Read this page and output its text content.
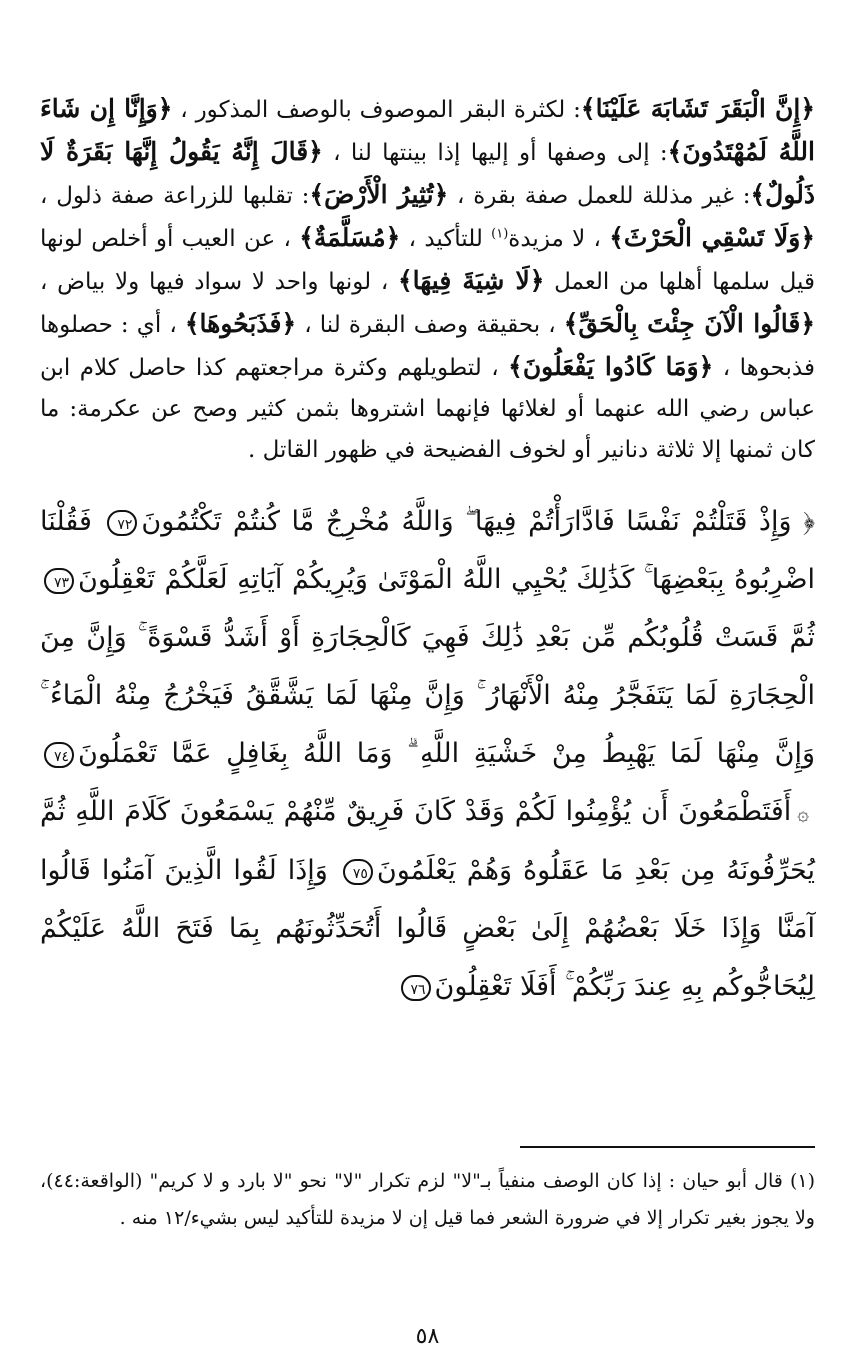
﴿إِنَّ الْبَقَرَ تَشَابَهَ عَلَيْنَا﴾: لكثرة البقر الموصوف بالوصف المذكور ، ﴿وَإِنَّا إِن شَاءَ اللَّهُ لَمُهْتَدُونَ﴾: إلى وصفها أو إليها إذا بينتها لنا ، ﴿قَالَ إِنَّهُ يَقُولُ إِنَّهَا بَقَرَةٌ لَا ذَلُولٌ﴾: غير مذللة للعمل صفة بقرة ، ﴿تُثِيرُ الْأَرْضَ﴾: تقلبها للزراعة صفة ذلول ، ﴿وَلَا تَسْقِي الْحَرْثَ﴾ ، لا مزيدة$^{(١)}$ للتأكيد ، ﴿مُسَلَّمَةٌ﴾ ، عن العيب أو أخلص لونها قيل سلمها أهلها من العمل ﴿لَا شِيَةَ فِيهَا﴾ ، لونها واحد لا سواد فيها ولا بياض ، ﴿قَالُوا الْآنَ جِئْتَ بِالْحَقِّ﴾ ، بحقيقة وصف البقرة لنا ، ﴿فَذَبَحُوهَا﴾ ، أي : حصلوها فذبحوها ، ﴿وَمَا كَادُوا يَفْعَلُونَ﴾ ، لتطويلهم وكثرة مراجعتهم كذا حاصل كلام ابن عباس رضي الله عنهما أو لغلائها فإنهما اشتروها بثمن كثير وصح عن عكرمة: ما كان ثمنها إلا ثلاثة دنانير أو لخوف الفضيحة في ظهور القاتل .

﴿ وَإِذْ قَتَلْتُمْ نَفْسًا فَادَّارَأْتُمْ فِيهَا ۖ وَاللَّهُ مُخْرِجٌ مَّا كُنتُمْ تَكْتُمُونَ٧٢ فَقُلْنَا اضْرِبُوهُ بِبَعْضِهَا ۚ كَذَٰلِكَ يُحْيِي اللَّهُ الْمَوْتَىٰ وَيُرِيكُمْ آيَاتِهِ لَعَلَّكُمْ تَعْقِلُونَ٧٣ ثُمَّ قَسَتْ قُلُوبُكُم مِّن بَعْدِ ذَٰلِكَ فَهِيَ كَالْحِجَارَةِ أَوْ أَشَدُّ قَسْوَةً ۚ وَإِنَّ مِنَ الْحِجَارَةِ لَمَا يَتَفَجَّرُ مِنْهُ الْأَنْهَارُ ۚ وَإِنَّ مِنْهَا لَمَا يَشَّقَّقُ فَيَخْرُجُ مِنْهُ الْمَاءُ ۚ وَإِنَّ مِنْهَا لَمَا يَهْبِطُ مِنْ خَشْيَةِ اللَّهِ ۗ وَمَا اللَّهُ بِغَافِلٍ عَمَّا تَعْمَلُونَ٧٤۞أَفَتَطْمَعُونَ أَن يُؤْمِنُوا لَكُمْ وَقَدْ كَانَ فَرِيقٌ مِّنْهُمْ يَسْمَعُونَ كَلَامَ اللَّهِ ثُمَّ يُحَرِّفُونَهُ مِن بَعْدِ مَا عَقَلُوهُ وَهُمْ يَعْلَمُونَ٧٥ وَإِذَا لَقُوا الَّذِينَ آمَنُوا قَالُوا آمَنَّا وَإِذَا خَلَا بَعْضُهُمْ إِلَىٰ بَعْضٍ قَالُوا أَتُحَدِّثُونَهُم بِمَا فَتَحَ اللَّهُ عَلَيْكُمْ لِيُحَاجُّوكُم بِهِ عِندَ رَبِّكُمْ ۚ أَفَلَا تَعْقِلُونَ٧٦

(١) قال أبو حيان : إذا كان الوصف منفياً بـ"لا" لزم تكرار "لا" نحو "لا بارد و لا كريم" (الواقعة:٤٤)، ولا يجوز بغير تكرار إلا في ضرورة الشعر فما قيل إن لا مزيدة للتأكيد ليس بشيء/١٢ منه .

٥٨
